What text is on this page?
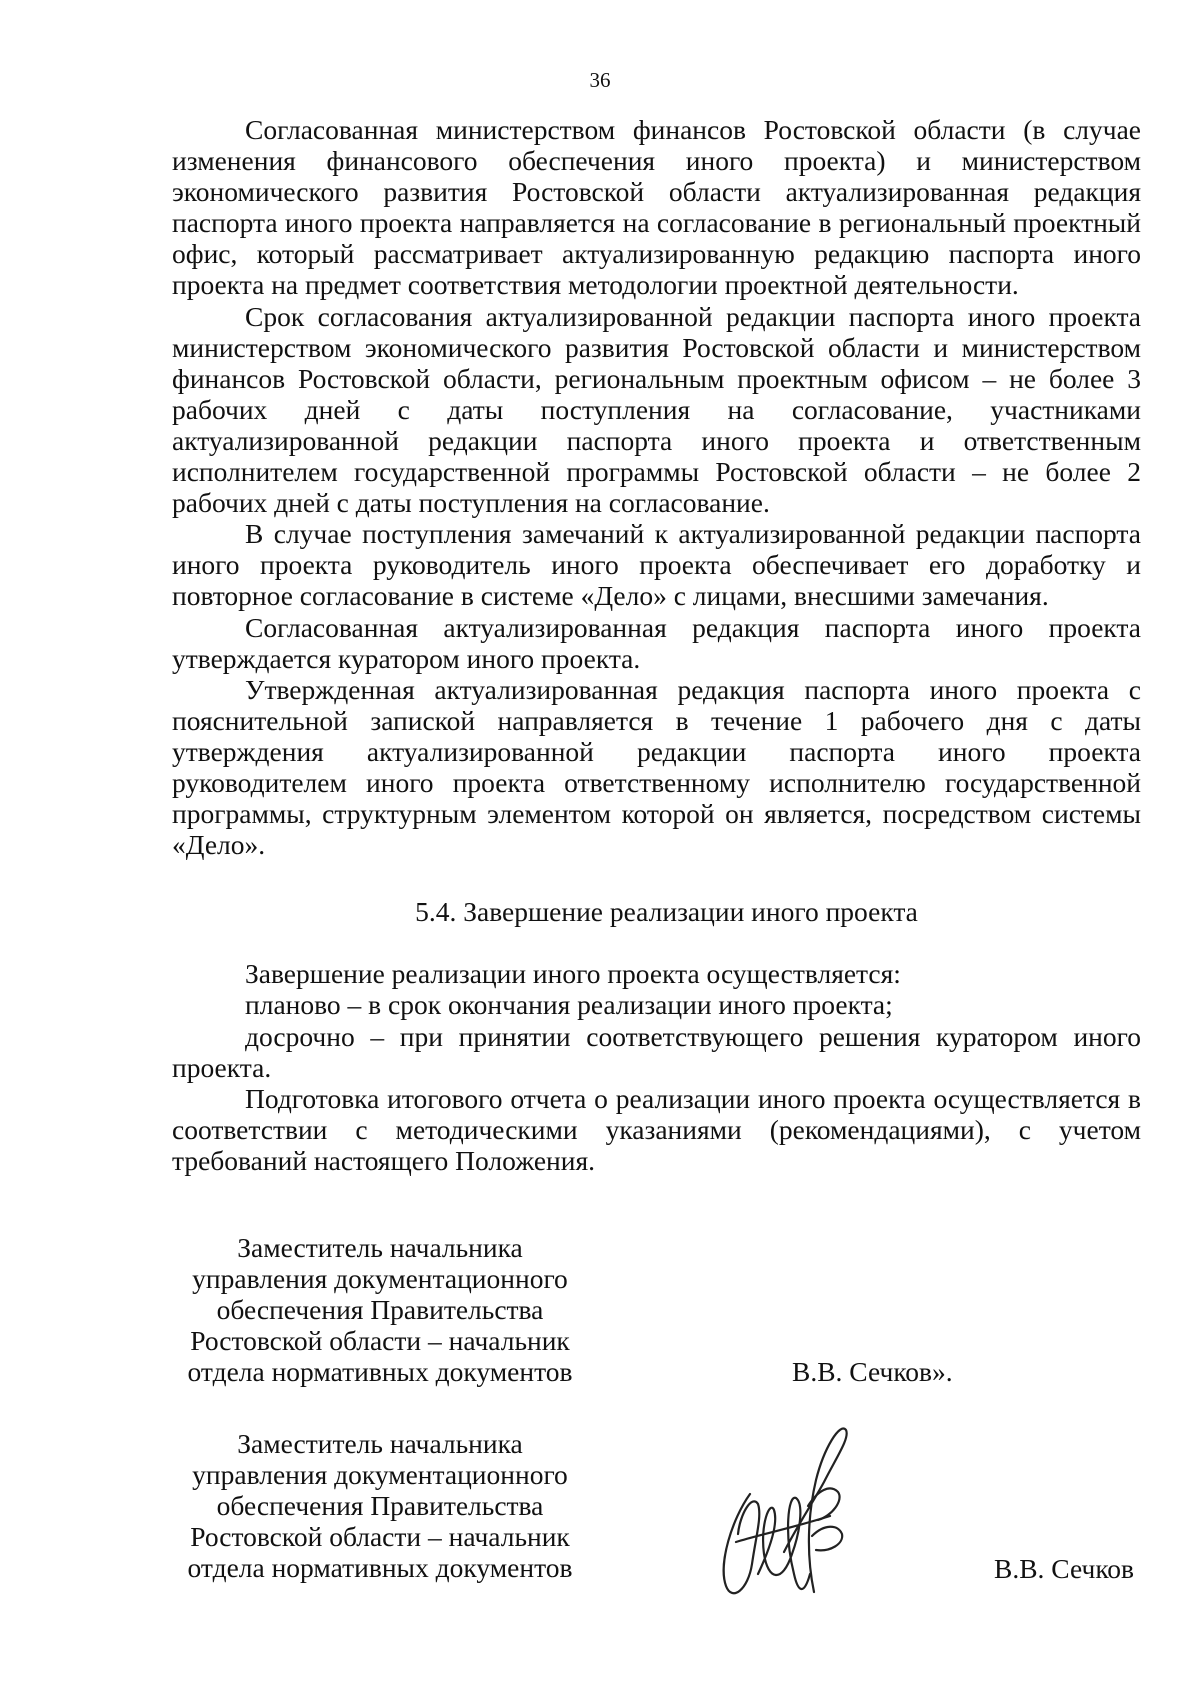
36

Согласованная министерством финансов Ростовской области (в случае изменения финансового обеспечения иного проекта) и министерством экономического развития Ростовской области актуализированная редакция паспорта иного проекта направляется на согласование в региональный проектный офис, который рассматривает актуализированную редакцию паспорта иного проекта на предмет соответствия методологии проектной деятельности.

Срок согласования актуализированной редакции паспорта иного проекта министерством экономического развития Ростовской области и министерством финансов Ростовской области, региональным проектным офисом – не более 3 рабочих дней с даты поступления на согласование, участниками актуализированной редакции паспорта иного проекта и ответственным исполнителем государственной программы Ростовской области – не более 2 рабочих дней с даты поступления на согласование.

В случае поступления замечаний к актуализированной редакции паспорта иного проекта руководитель иного проекта обеспечивает его доработку и повторное согласование в системе «Дело» с лицами, внесшими замечания.

Согласованная актуализированная редакция паспорта иного проекта утверждается куратором иного проекта.

Утвержденная актуализированная редакция паспорта иного проекта с пояснительной запиской направляется в течение 1 рабочего дня с даты утверждения актуализированной редакции паспорта иного проекта руководителем иного проекта ответственному исполнителю государственной программы, структурным элементом которой он является, посредством системы «Дело».

5.4. Завершение реализации иного проекта

Завершение реализации иного проекта осуществляется:

планово – в срок окончания реализации иного проекта;

досрочно – при принятии соответствующего решения куратором иного проекта.

Подготовка итогового отчета о реализации иного проекта осуществляется в соответствии с методическими указаниями (рекомендациями), с учетом требований настоящего Положения.

Заместитель начальника
управления документационного
обеспечения Правительства
Ростовской области – начальник
отдела нормативных документов	В.В. Сечков».
Заместитель начальника
управления документационного
обеспечения Правительства
Ростовской области – начальник
отдела нормативных документов	В.В. Сечков
